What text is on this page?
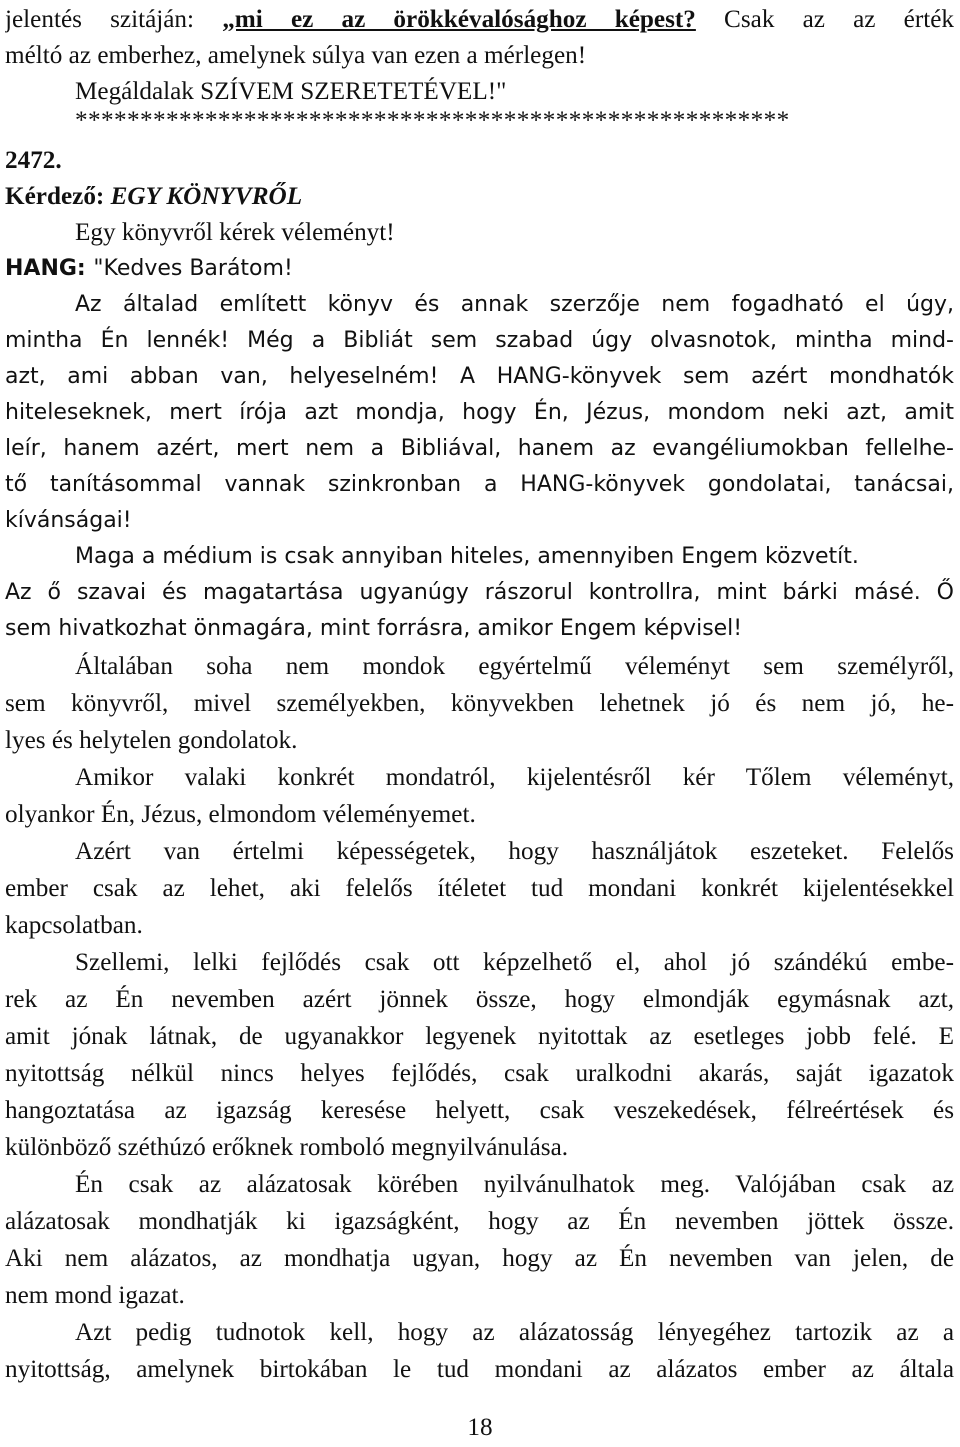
jelentés szitáján: „mi ez az örökkévalósághoz képest? Csak az az érték
méltó az emberhez, amelynek súlya van ezen a mérlegen!
Megáldalak SZÍVEM SZERETETÉVEL!"
*******************************************************
2472.
Kérdező: EGY KÖNYVRŐL
Egy könyvről kérek véleményt!
HANG: "Kedves Barátom!
Az általad említett könyv és annak szerzője nem fogadható el úgy,
mintha Én lennék! Még a Bibliát sem szabad úgy olvasnotok, mintha mind-
azt, ami abban van, helyeselném! A HANG-könyvek sem azért mondhatók
hiteleseknek, mert írója azt mondja, hogy Én, Jézus, mondom neki azt, amit
leír, hanem azért, mert nem a Bibliával, hanem az evangéliumokban fellelhe-
tő tanításommal vannak szinkronban a HANG-könyvek gondolatai, tanácsai,
kívánságai!
Maga a médium is csak annyiban hiteles, amennyiben Engem közvetít.
Az ő szavai és magatartása ugyanúgy rászorul kontrollra, mint bárki másé. Ő
sem hivatkozhat önmagára, mint forrásra, amikor Engem képvisel!
Általában soha nem mondok egyértelmű véleményt sem személyről,
sem könyvről, mivel személyekben, könyvekben lehetnek jó és nem jó, he-
lyes és helytelen gondolatok.
Amikor valaki konkrét mondatról, kijelentésről kér Tőlem véleményt,
olyankor Én, Jézus, elmondom véleményemet.
Azért van értelmi képességetek, hogy használjátok eszeteket. Felelős
ember csak az lehet, aki felelős ítéletet tud mondani konkrét kijelentésekkel
kapcsolatban.
Szellemi, lelki fejlődés csak ott képzelhető el, ahol jó szándékú embe-
rek az Én nevemben azért jönnek össze, hogy elmondják egymásnak azt,
amit jónak látnak, de ugyanakkor legyenek nyitottak az esetleges jobb felé. E
nyitottság nélkül nincs helyes fejlődés, csak uralkodni akarás, saját igazatok
hangoztatása az igazság keresése helyett, csak veszekedések, félreértések és
különböző széthúzó erőknek romboló megnyilvánulása.
Én csak az alázatosak körében nyilvánulhatok meg. Valójában csak az
alázatosak mondhatják ki igazságként, hogy az Én nevemben jöttek össze.
Aki nem alázatos, az mondhatja ugyan, hogy az Én nevemben van jelen, de
nem mond igazat.
Azt pedig tudnotok kell, hogy az alázatosság lényegéhez tartozik az a
nyitottság, amelynek birtokában le tud mondani az alázatos ember az általa
18
